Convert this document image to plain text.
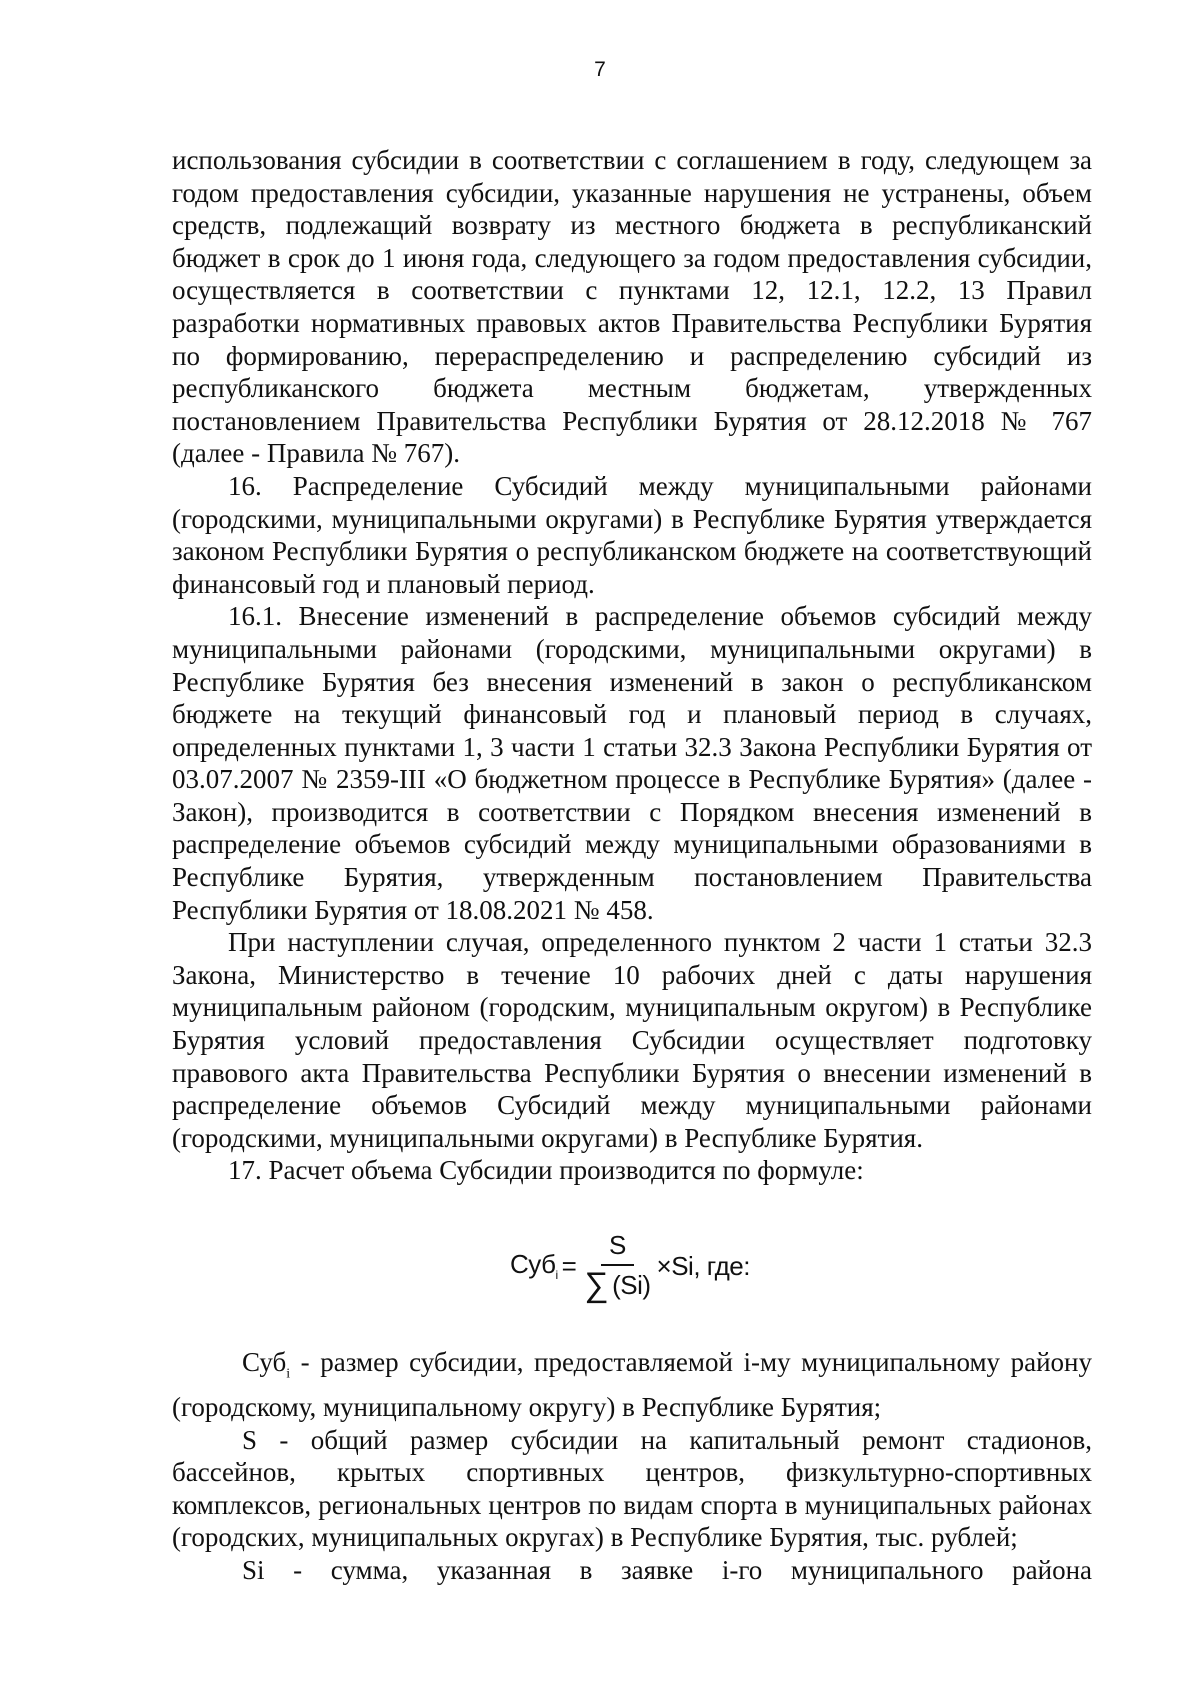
7

использования субсидии в соответствии с соглашением в году, следующем за годом предоставления субсидии, указанные нарушения не устранены, объем средств, подлежащий возврату из местного бюджета в республиканский бюджет в срок до 1 июня года, следующего за годом предоставления субсидии, осуществляется в соответствии с пунктами 12, 12.1, 12.2, 13 Правил разработки нормативных правовых актов Правительства Республики Бурятия по формированию, перераспределению и распределению субсидий из республиканского бюджета местным бюджетам, утвержденных постановлением Правительства Республики Бурятия от 28.12.2018 № 767 (далее - Правила № 767).

16. Распределение Субсидий между муниципальными районами (городскими, муниципальными округами) в Республике Бурятия утверждается законом Республики Бурятия о республиканском бюджете на соответствующий финансовый год и плановый период.

16.1. Внесение изменений в распределение объемов субсидий между муниципальными районами (городскими, муниципальными округами) в Республике Бурятия без внесения изменений в закон о республиканском бюджете на текущий финансовый год и плановый период в случаях, определенных пунктами 1, 3 части 1 статьи 32.3 Закона Республики Бурятия от 03.07.2007 № 2359-III «О бюджетном процессе в Республике Бурятия» (далее - Закон), производится в соответствии с Порядком внесения изменений в распределение объемов субсидий между муниципальными образованиями в Республике Бурятия, утвержденным постановлением Правительства Республики Бурятия от 18.08.2021 № 458.

При наступлении случая, определенного пунктом 2 части 1 статьи 32.3 Закона, Министерство в течение 10 рабочих дней с даты нарушения муниципальным районом (городским, муниципальным округом) в Республике Бурятия условий предоставления Субсидии осуществляет подготовку правового акта Правительства Республики Бурятия о внесении изменений в распределение объемов Субсидий между муниципальными районами (городскими, муниципальными округами) в Республике Бурятия.

17. Расчет объема Субсидии производится по формуле:

$Суб_i = \frac{S}{\sum (Si)} \times Si$, где:

Суб$_i$ - размер субсидии, предоставляемой i-му муниципальному району (городскому, муниципальному округу) в Республике Бурятия;

S - общий размер субсидии на капитальный ремонт стадионов, бассейнов, крытых спортивных центров, физкультурно-спортивных комплексов, региональных центров по видам спорта в муниципальных районах (городских, муниципальных округах) в Республике Бурятия, тыс. рублей;

Si - сумма, указанная в заявке i-го муниципального района
